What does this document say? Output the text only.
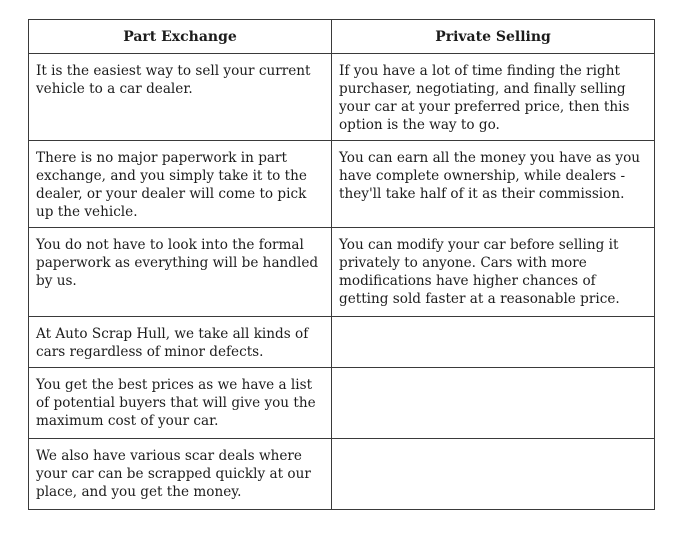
Part Exchange	Private Selling
It is the easiest way to sell your current vehicle to a car dealer.	If you have a lot of time finding the right purchaser, negotiating, and finally selling your car at your preferred price, then this option is the way to go.
There is no major paperwork in part exchange, and you simply take it to the dealer, or your dealer will come to pick up the vehicle.	You can earn all the money you have as you have complete ownership, while dealers - they'll take half of it as their commission.
You do not have to look into the formal paperwork as everything will be handled by us.	You can modify your car before selling it privately to anyone. Cars with more modifications have higher chances of getting sold faster at a reasonable price.
At Auto Scrap Hull, we take all kinds of cars regardless of minor defects.	
You get the best prices as we have a list of potential buyers that will give you the maximum cost of your car.	
We also have various scar deals where your car can be scrapped quickly at our place, and you get the money.	
